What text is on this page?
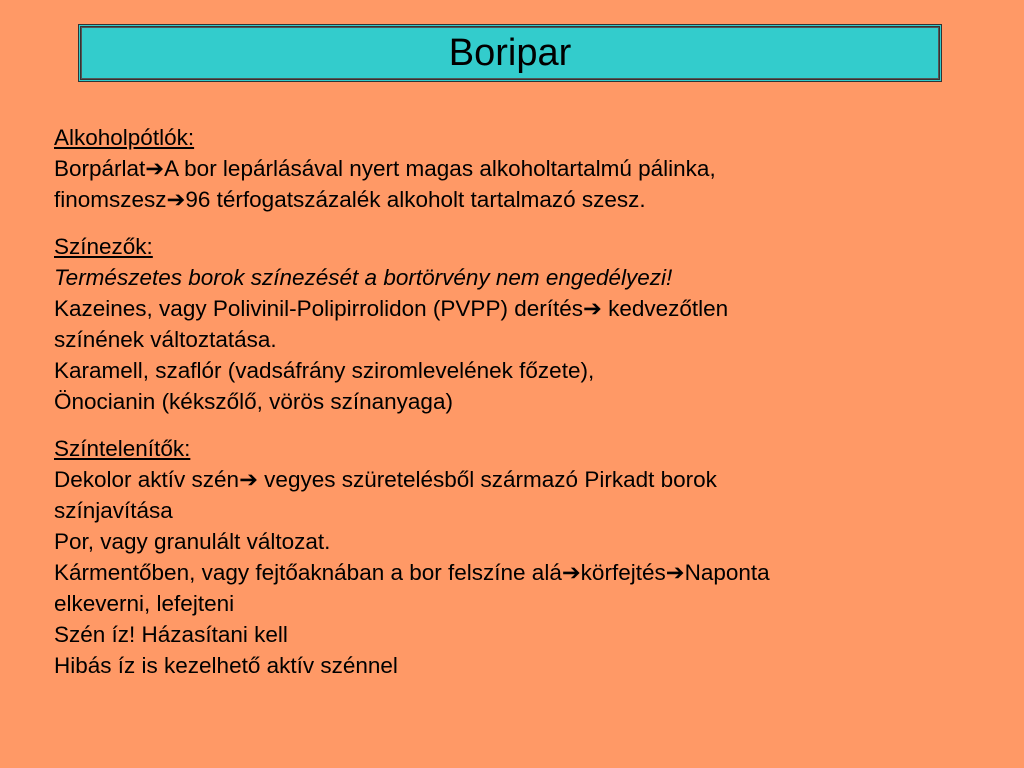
Boripar
Alkoholpótlók:
Borpárlat➔A bor lepárlásával nyert magas alkoholtartalmú pálinka,
finomszesz➔96 térfogatszázalék alkoholt tartalmazó szesz.
Színezők:
Természetes borok színezését a bortörvény nem engedélyezi!
Kazeines, vagy Polivinil-Polipirrolidon (PVPP) derítés➔ kedvezőtlen
színének változtatása.
Karamell, szaflór (vadsáfrány sziromlevelének főzete),
Önocianin (kékszőlő, vörös színanyaga)
Színtelenítők:
Dekolor aktív szén➔ vegyes szüretelésből származó Pirkadt borok
színjavítása
Por, vagy granulált változat.
Kármentőben, vagy fejtőaknában a bor felszíne alá➔körfejtés➔Naponta
elkeverni, lefejteni
Szén íz! Házasítani kell
Hibás íz is kezelhető aktív szénnel
